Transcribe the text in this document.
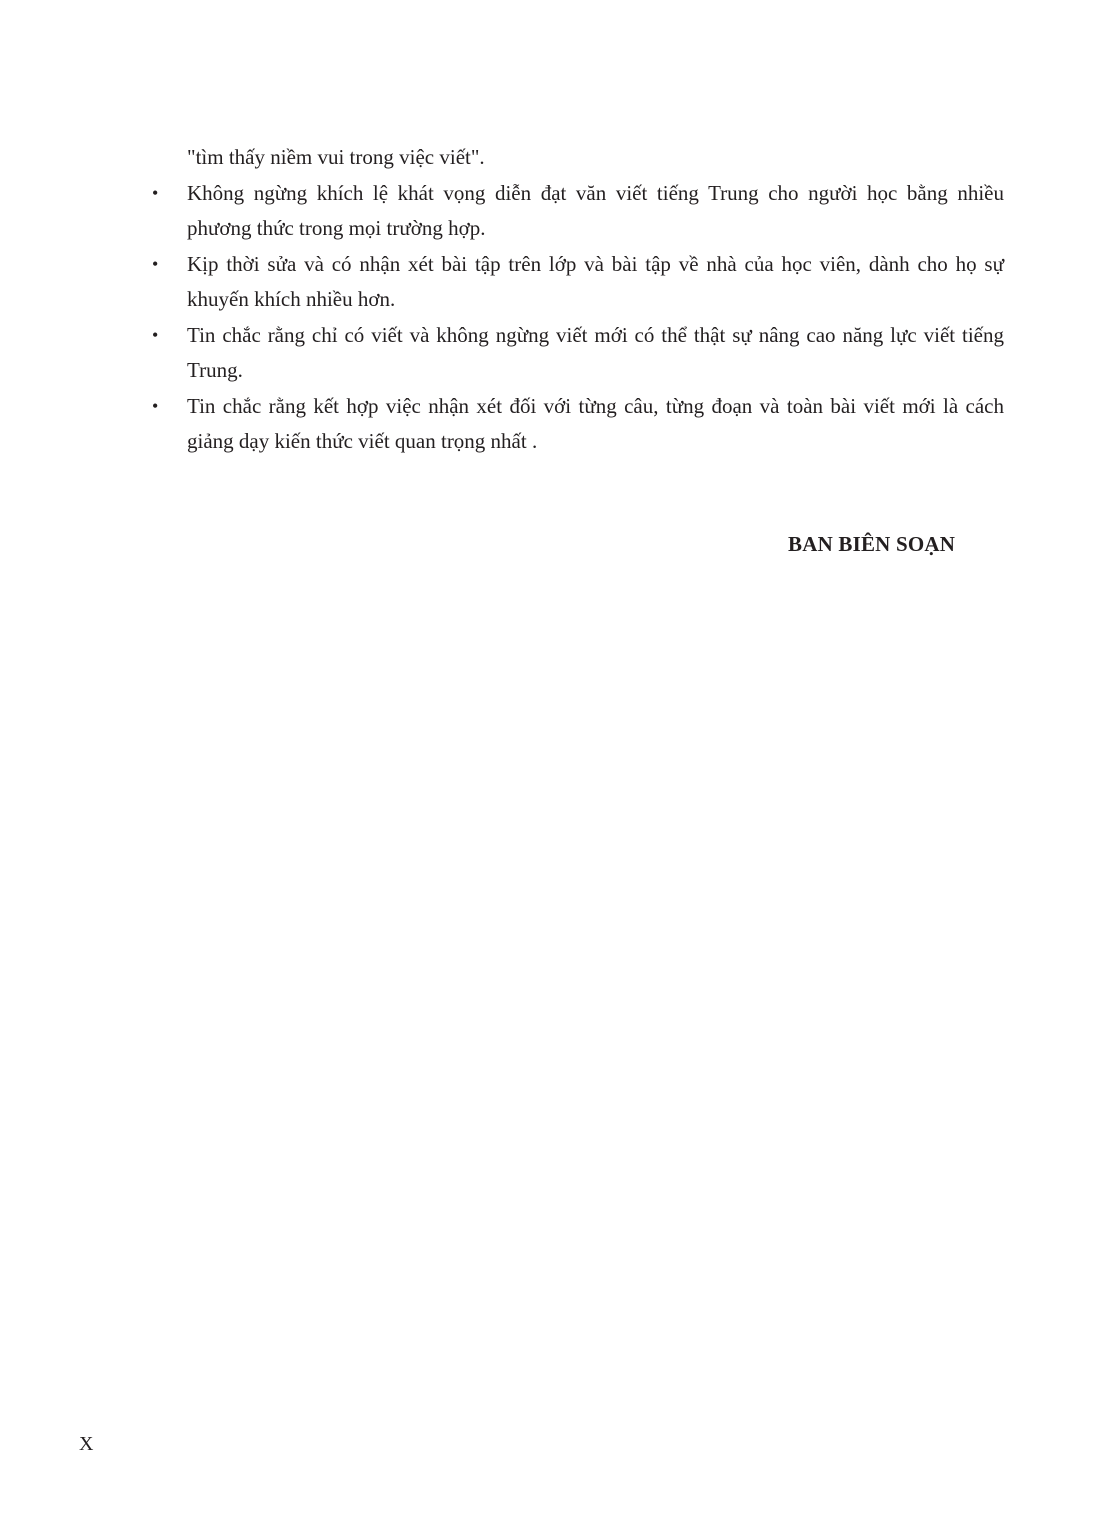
"tìm thấy niềm vui trong việc viết".

• Không ngừng khích lệ khát vọng diễn đạt văn viết tiếng Trung cho người học bằng nhiều phương thức trong mọi trường hợp.
• Kịp thời sửa và có nhận xét bài tập trên lớp và bài tập về nhà của học viên, dành cho họ sự khuyến khích nhiều hơn.
• Tin chắc rằng chỉ có viết và không ngừng viết mới có thể thật sự nâng cao năng lực viết tiếng Trung.
• Tin chắc rằng kết hợp việc nhận xét đối với từng câu, từng đoạn và toàn bài viết mới là cách giảng dạy kiến thức viết quan trọng nhất .
BAN BIÊN SOẠN
X
